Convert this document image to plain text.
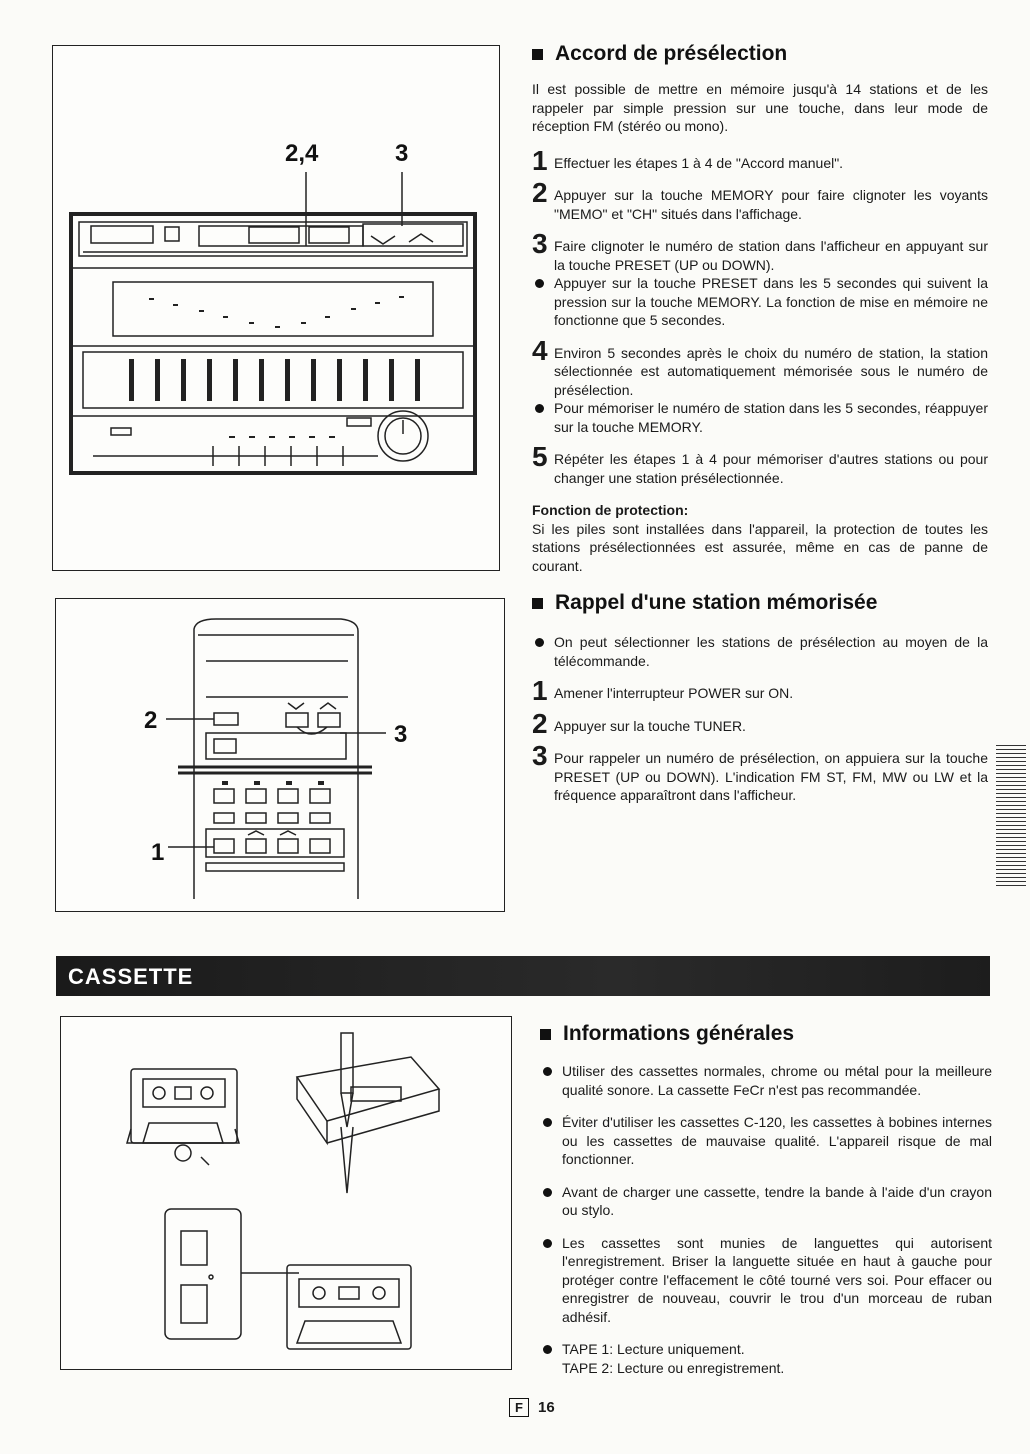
2,4	3
2
3
1
Accord de présélection

Il est possible de mettre en mémoire jusqu'à 14 stations et de les rappeler par simple pression sur une touche, dans leur mode de réception FM (stéréo ou mono).

1 Effectuer les étapes 1 à 4 de "Accord manuel".
2 Appuyer sur la touche MEMORY pour faire clignoter les voyants "MEMO" et "CH" situés dans l'affichage.
3 Faire clignoter le numéro de station dans l'afficheur en appuyant sur la touche PRESET (UP ou DOWN).
Appuyer sur la touche PRESET dans les 5 secondes qui suivent la pression sur la touche MEMORY. La fonction de mise en mémoire ne fonctionne que 5 secondes.
4 Environ 5 secondes après le choix du numéro de station, la station sélectionnée est automatiquement mémorisée sous le numéro de présélection.
Pour mémoriser le numéro de station dans les 5 secondes, réappuyer sur la touche MEMORY.
5 Répéter les étapes 1 à 4 pour mémoriser d'autres stations ou pour changer une station présélectionnée.

Fonction de protection:

Si les piles sont installées dans l'appareil, la protection de toutes les stations présélectionnées est assurée, même en cas de panne de courant.

Rappel d'une station mémorisée
On peut sélectionner les stations de présélection au moyen de la télécommande.
1 Amener l'interrupteur POWER sur ON.
2 Appuyer sur la touche TUNER.
3 Pour rappeler un numéro de présélection, on appuiera sur la touche PRESET (UP ou DOWN). L'indication FM ST, FM, MW ou LW et la fréquence apparaîtront dans l'afficheur.
CASSETTE
Informations générales
Utiliser des cassettes normales, chrome ou métal pour la meilleure qualité sonore. La cassette FeCr n'est pas recommandée.
Éviter d'utiliser les cassettes C-120, les cassettes à bobines internes ou les cassettes de mauvaise qualité. L'appareil risque de mal fonctionner.
Avant de charger une cassette, tendre la bande à l'aide d'un crayon ou stylo.
Les cassettes sont munies de languettes qui autorisent l'enregistrement. Briser la languette située en haut à gauche pour protéger contre l'effacement le côté tourné vers soi. Pour effacer ou enregistrer de nouveau, couvrir le trou d'un morceau de ruban adhésif.
TAPE 1: Lecture uniquement.
TAPE 2: Lecture ou enregistrement.
F	16
